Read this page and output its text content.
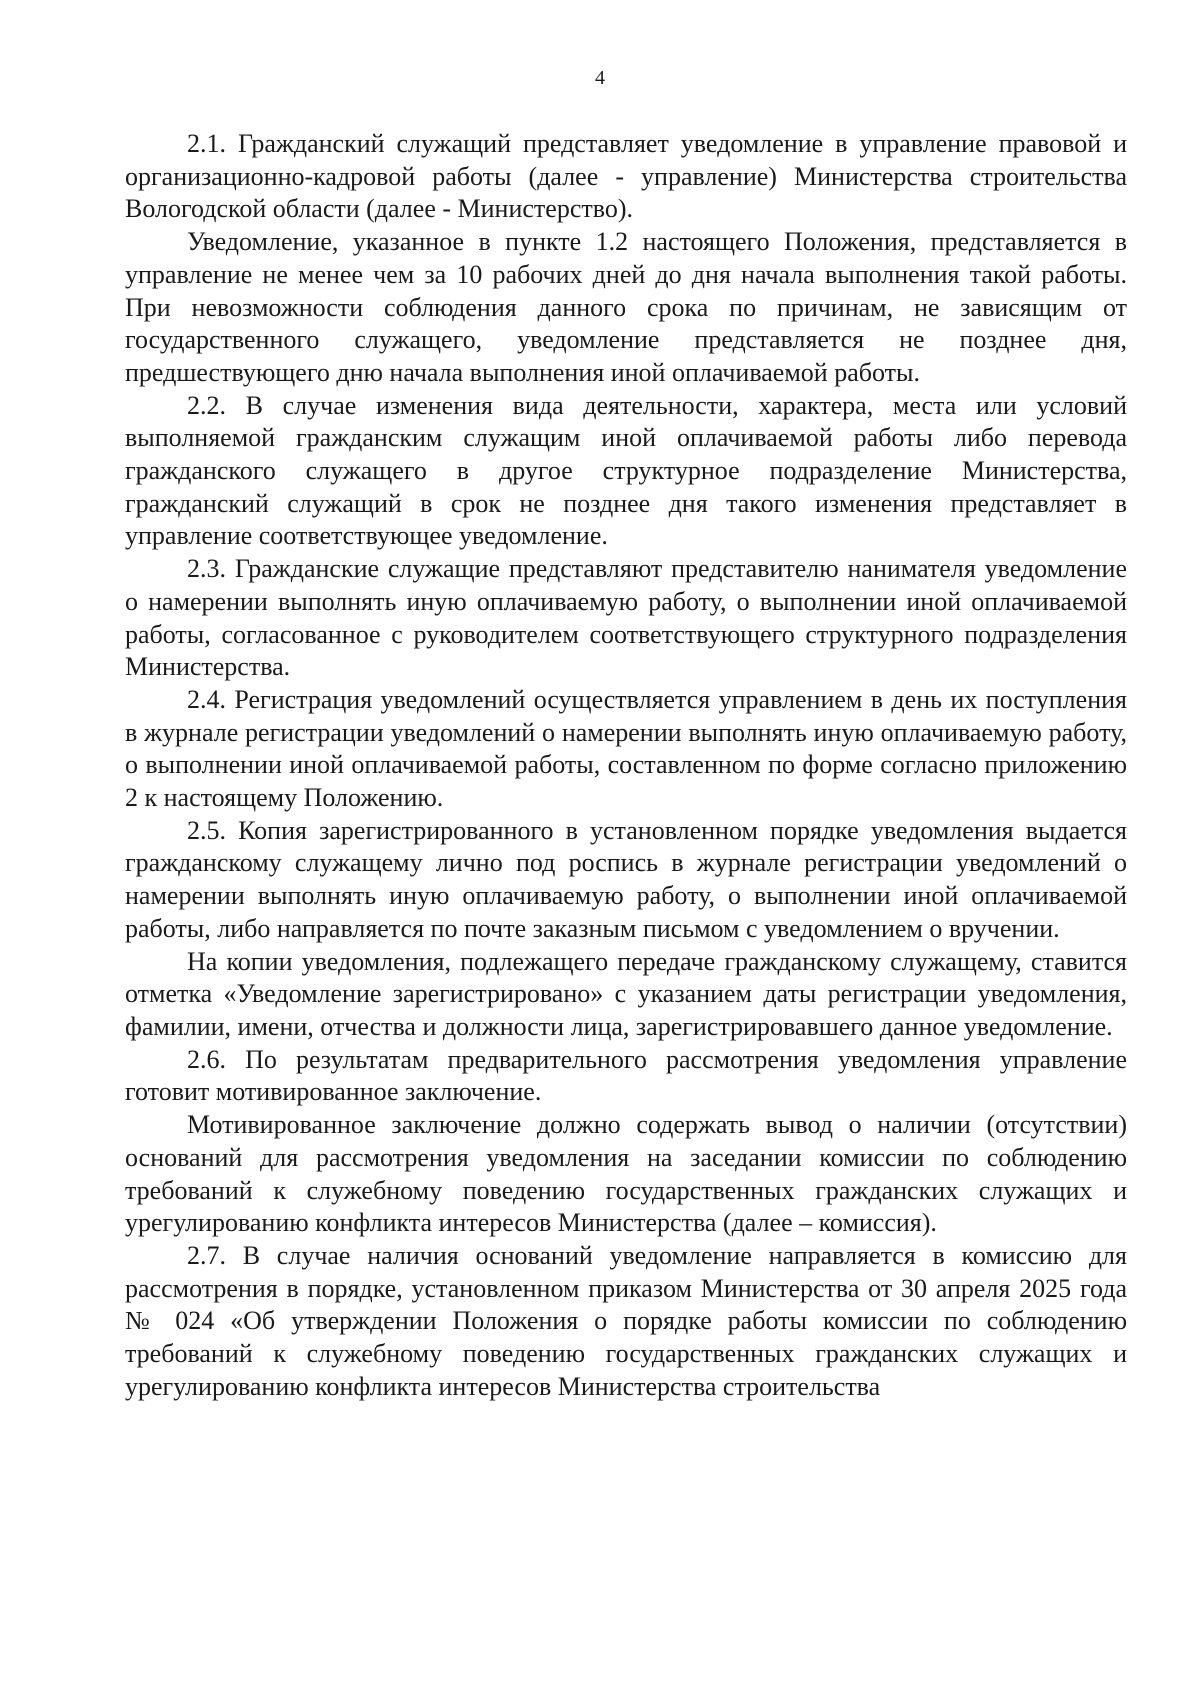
4

2.1. Гражданский служащий представляет уведомление в управление правовой и организационно-кадровой работы (далее - управление) Министерства строительства Вологодской области (далее - Министерство).

Уведомление, указанное в пункте 1.2 настоящего Положения, представляется в управление не менее чем за 10 рабочих дней до дня начала выполнения такой работы. При невозможности соблюдения данного срока по причинам, не зависящим от государственного служащего, уведомление представляется не позднее дня, предшествующего дню начала выполнения иной оплачиваемой работы.

2.2. В случае изменения вида деятельности, характера, места или условий выполняемой гражданским служащим иной оплачиваемой работы либо перевода гражданского служащего в другое структурное подразделение Министерства, гражданский служащий в срок не позднее дня такого изменения представляет в управление соответствующее уведомление.

2.3. Гражданские служащие представляют представителю нанимателя уведомление о намерении выполнять иную оплачиваемую работу, о выполнении иной оплачиваемой работы, согласованное с руководителем соответствующего структурного подразделения Министерства.

2.4. Регистрация уведомлений осуществляется управлением в день их поступления в журнале регистрации уведомлений о намерении выполнять иную оплачиваемую работу, о выполнении иной оплачиваемой работы, составленном по форме согласно приложению 2 к настоящему Положению.

2.5. Копия зарегистрированного в установленном порядке уведомления выдается гражданскому служащему лично под роспись в журнале регистрации уведомлений о намерении выполнять иную оплачиваемую работу, о выполнении иной оплачиваемой работы, либо направляется по почте заказным письмом с уведомлением о вручении.

На копии уведомления, подлежащего передаче гражданскому служащему, ставится отметка «Уведомление зарегистрировано» с указанием даты регистрации уведомления, фамилии, имени, отчества и должности лица, зарегистрировавшего данное уведомление.

2.6. По результатам предварительного рассмотрения уведомления управление готовит мотивированное заключение.

Мотивированное заключение должно содержать вывод о наличии (отсутствии) оснований для рассмотрения уведомления на заседании комиссии по соблюдению требований к служебному поведению государственных гражданских служащих и урегулированию конфликта интересов Министерства (далее – комиссия).

2.7. В случае наличия оснований уведомление направляется в комиссию для рассмотрения в порядке, установленном приказом Министерства от 30 апреля 2025 года № 024 «Об утверждении Положения о порядке работы комиссии по соблюдению требований к служебному поведению государственных гражданских служащих и урегулированию конфликта интересов Министерства строительства
